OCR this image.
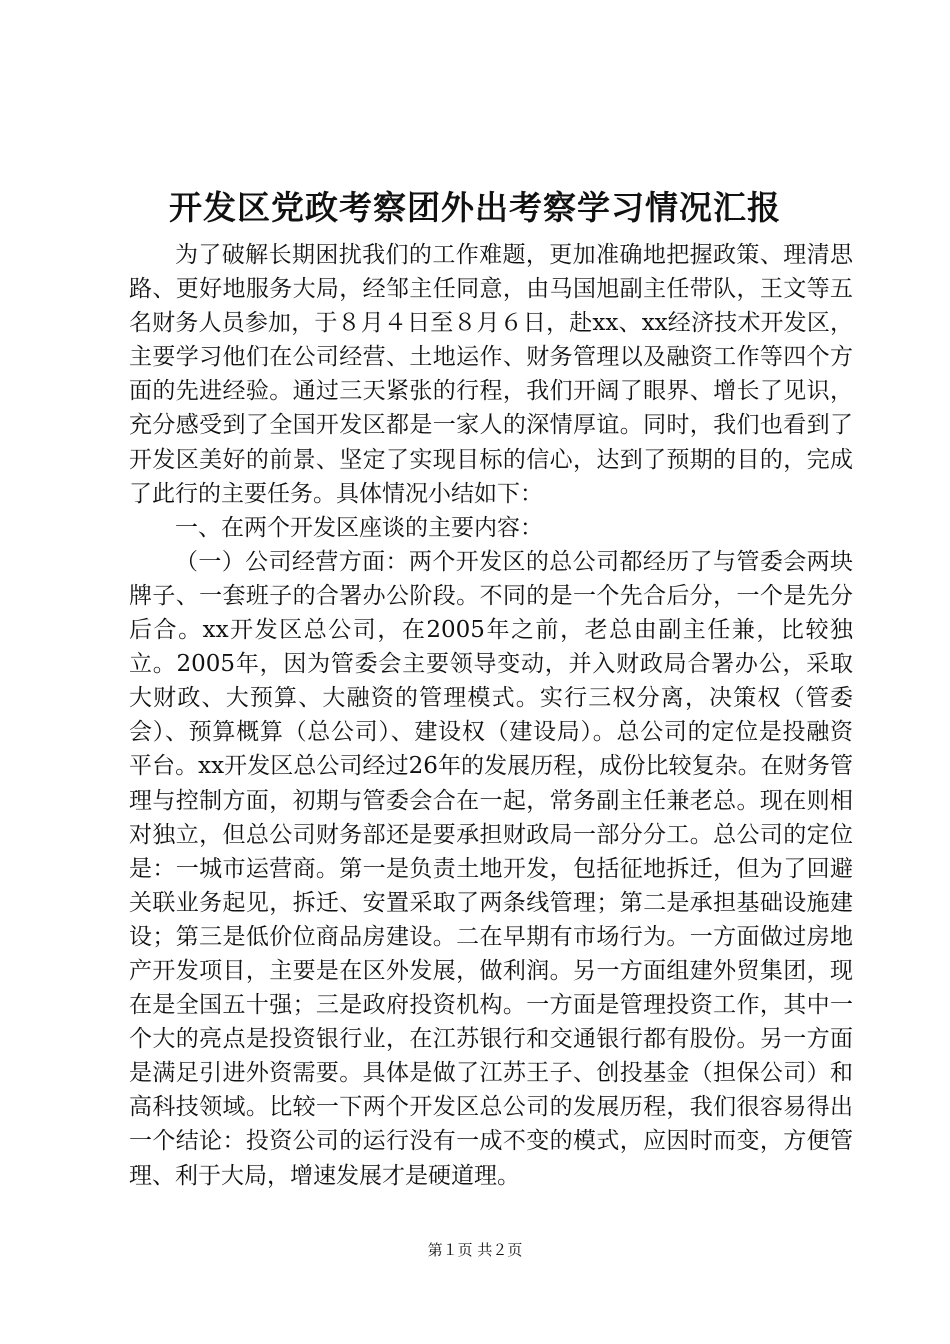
开发区党政考察团外出考察学习情况汇报

为了破解长期困扰我们的工作难题，更加准确地把握政策、理清思路、更好地服务大局，经邹主任同意，由马国旭副主任带队，王文等五名财务人员参加，于８月４日至８月６日，赴xx、xx经济技术开发区，主要学习他们在公司经营、土地运作、财务管理以及融资工作等四个方面的先进经验。通过三天紧张的行程，我们开阔了眼界、增长了见识，充分感受到了全国开发区都是一家人的深情厚谊。同时，我们也看到了开发区美好的前景、坚定了实现目标的信心，达到了预期的目的，完成了此行的主要任务。具体情况小结如下：

一、在两个开发区座谈的主要内容：

（一）公司经营方面：两个开发区的总公司都经历了与管委会两块牌子、一套班子的合署办公阶段。不同的是一个先合后分，一个是先分后合。xx开发区总公司，在2005年之前，老总由副主任兼，比较独立。2005年，因为管委会主要领导变动，并入财政局合署办公，采取大财政、大预算、大融资的管理模式。实行三权分离，决策权（管委会）、预算概算（总公司）、建设权（建设局）。总公司的定位是投融资平台。xx开发区总公司经过26年的发展历程，成份比较复杂。在财务管理与控制方面，初期与管委会合在一起，常务副主任兼老总。现在则相对独立，但总公司财务部还是要承担财政局一部分分工。总公司的定位是：一城市运营商。第一是负责土地开发，包括征地拆迁，但为了回避关联业务起见，拆迁、安置采取了两条线管理；第二是承担基础设施建设；第三是低价位商品房建设。二在早期有市场行为。一方面做过房地产开发项目，主要是在区外发展，做利润。另一方面组建外贸集团，现在是全国五十强；三是政府投资机构。一方面是管理投资工作，其中一个大的亮点是投资银行业，在江苏银行和交通银行都有股份。另一方面是满足引进外资需要。具体是做了江苏王子、创投基金（担保公司）和高科技领域。比较一下两个开发区总公司的发展历程，我们很容易得出一个结论：投资公司的运行没有一成不变的模式，应因时而变，方便管理、利于大局，增速发展才是硬道理。

第１页 共２页
